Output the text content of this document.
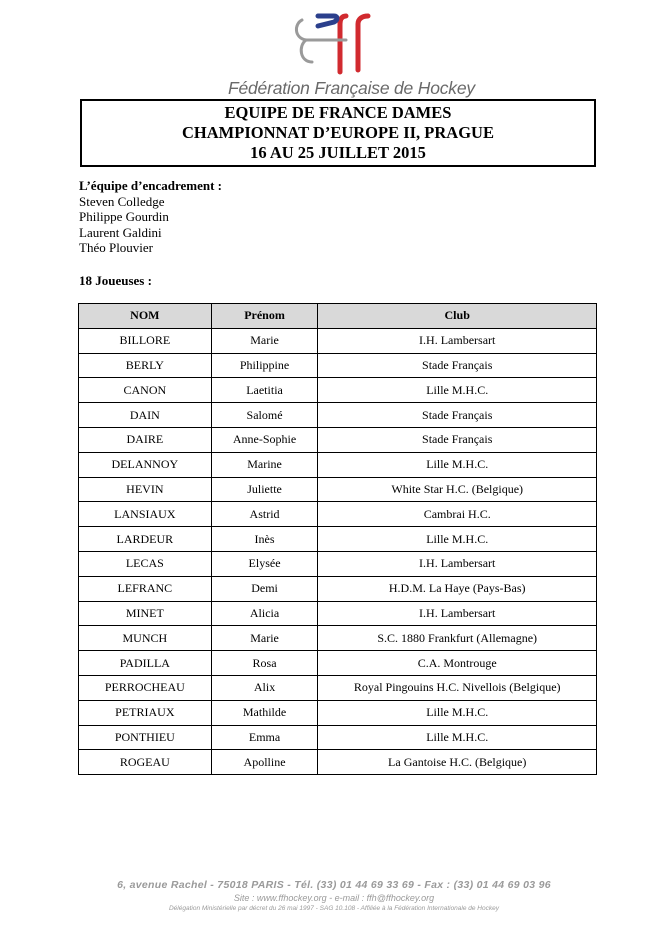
Fédération Française de Hockey
EQUIPE DE FRANCE DAMES
CHAMPIONNAT D’EUROPE II, PRAGUE
16 AU 25 JUILLET 2015
L’équipe d’encadrement :
Steven Colledge
Philippe Gourdin
Laurent Galdini
Théo Plouvier
18 Joueuses :
NOM	Prénom	Club
BILLORE	Marie	I.H. Lambersart
BERLY	Philippine	Stade Français
CANON	Laetitia	Lille M.H.C.
DAIN	Salomé	Stade Français
DAIRE	Anne-Sophie	Stade Français
DELANNOY	Marine	Lille M.H.C.
HEVIN	Juliette	White Star H.C. (Belgique)
LANSIAUX	Astrid	Cambrai H.C.
LARDEUR	Inès	Lille M.H.C.
LECAS	Elysée	I.H. Lambersart
LEFRANC	Demi	H.D.M. La Haye (Pays-Bas)
MINET	Alicia	I.H. Lambersart
MUNCH	Marie	S.C. 1880 Frankfurt (Allemagne)
PADILLA	Rosa	C.A. Montrouge
PERROCHEAU	Alix	Royal Pingouins H.C. Nivellois (Belgique)
PETRIAUX	Mathilde	Lille M.H.C.
PONTHIEU	Emma	Lille M.H.C.
ROGEAU	Apolline	La Gantoise H.C. (Belgique)
6, avenue Rachel - 75018 PARIS - Tél. (33) 01 44 69 33 69 - Fax : (33) 01 44 69 03 96
Site : www.ffhockey.org - e-mail : ffh@ffhockey.org
Délégation Ministérielle par décret du 26 mai 1997 - SAG 10.108 - Affiliée à la Fédération Internationale de Hockey
